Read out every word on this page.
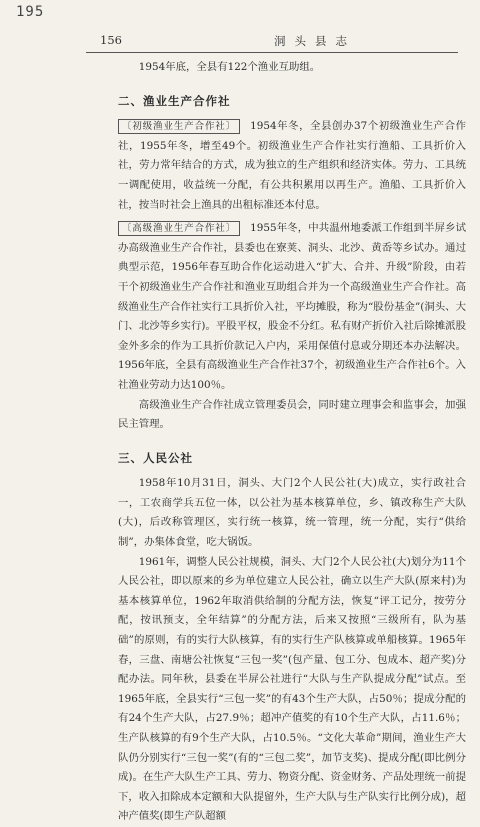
195
156	洞头县志

1954年底，全县有122个渔业互助组。

二、渔业生产合作社

〔初级渔业生产合作社〕 1954年冬，全县创办37个初级渔业生产合作社，1955年冬，增至49个。初级渔业生产合作社实行渔船、工具折价入社，劳力常年结合的方式，成为独立的生产组织和经济实体。劳力、工具统一调配使用，收益统一分配，有公共积累用以再生产。渔船、工具折价入社，按当时社会上渔具的出租标准还本付息。

〔高级渔业生产合作社〕 1955年冬，中共温州地委派工作组到半屏乡试办高级渔业生产合作社，县委也在寮荚、洞头、北沙、黄岙等乡试办。通过典型示范，1956年春互助合作化运动进入“扩大、合并、升级”阶段，由若干个初级渔业生产合作社和渔业互助组合并为一个高级渔业生产合作社。高级渔业生产合作社实行工具折价入社，平均摊股，称为“股份基金”(洞头、大门、北沙等乡实行)。平股平权，股金不分红。私有财产折价入社后除摊派股金外多余的作为工具折价款记入户内，采用保值付息或分期还本办法解决。1956年底，全县有高级渔业生产合作社37个，初级渔业生产合作社6个。入社渔业劳动力达100％。

高级渔业生产合作社成立管理委员会，同时建立理事会和监事会，加强民主管理。

三、人民公社

1958年10月31日，洞头、大门2个人民公社(大)成立，实行政社合一，工农商学兵五位一体，以公社为基本核算单位，乡、镇改称生产大队(大)，后改称管理区，实行统一核算，统一管理，统一分配，实行“供给制”，办集体食堂，吃大锅饭。

1961年，调整人民公社规模，洞头、大门2个人民公社(大)划分为11个人民公社，即以原来的乡为单位建立人民公社，确立以生产大队(原来村)为基本核算单位，1962年取消供给制的分配方法，恢复“评工记分，按劳分配，按讯预支，全年结算”的分配方法，后来又按照“三级所有，队为基础”的原则，有的实行大队核算，有的实行生产队核算或单船核算。1965年春，三盘、南塘公社恢复“三包一奖”(包产量、包工分、包成本、超产奖)分配办法。同年秋，县委在半屏公社进行“大队与生产队提成分配”试点。至1965年底，全县实行“三包一奖”的有43个生产大队，占50％；提成分配的有24个生产大队，占27.9％；超冲产值奖的有10个生产大队，占11.6％；生产队核算的有9个生产大队，占10.5％。“文化大革命”期间，渔业生产大队仍分别实行“三包一奖”(有的“三包二奖”，加节支奖)、提成分配(即比例分成)。在生产大队生产工具、劳力、物资分配、资金财务、产品处理统一前提下，收入扣除成本定额和大队提留外，生产大队与生产队实行比例分成)，超冲产值奖(即生产队超额
